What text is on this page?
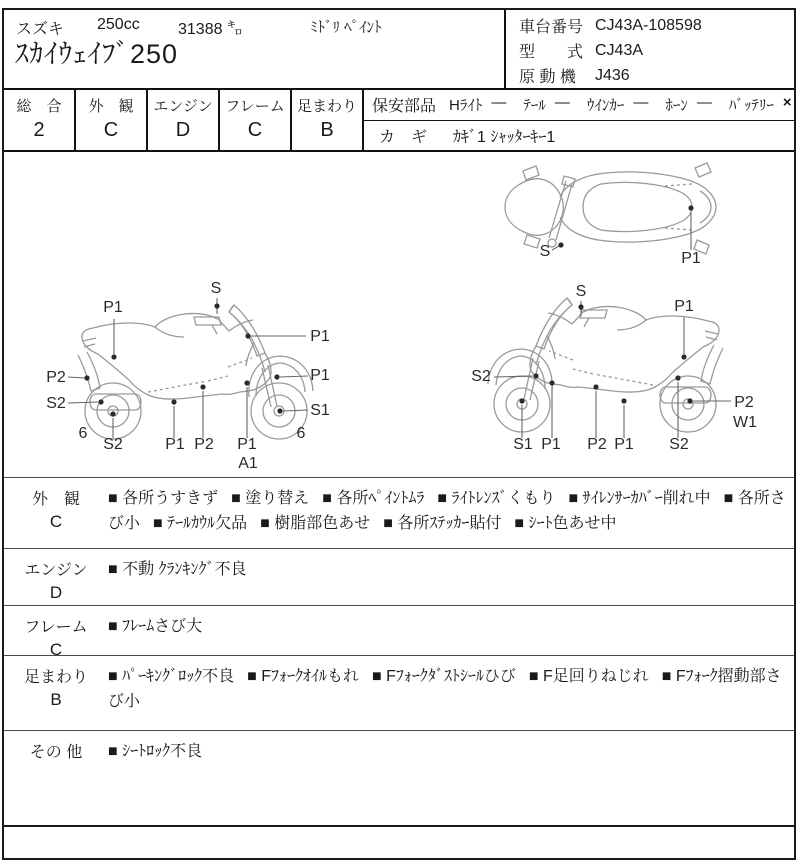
スズキ 250cc 31388 ㌔	ﾐﾄﾞﾘ ﾍﾟｲﾝﾄ
ｽｶｲｳｪｲﾌﾞ250
車台番号 CJ43A-108598
型　　式 CJ43A
原 動 機	J436
総　合
2
外　観
C
エンジン
D
フレーム
C
足まわり
B
保安部品 Hﾗｲﾄ — ﾃｰﾙ — ｳｲﾝｶｰ — ﾎｰﾝ — ﾊﾞｯﾃﾘｰ ×
カ　ギ ｶｷﾞ1 ｼｬｯﾀｰｷｰ1
S	P1
P1
S
P1
P2
S2
S2
6
P1 P2 P1
A1
P1
S1
6
S
P1
S2
S1 P1 P2 P1 S2
P2
W1
外　観
C
■ 各所うすきず ■ 塗り替え ■ 各所ﾍﾟｲﾝﾄﾑﾗ ■ ﾗｲﾄﾚﾝｽﾞくもり ■ ｻｲﾚﾝｻｰｶﾊﾞｰ削れ中 ■ 各所さび小 ■ ﾃｰﾙｶｳﾙ欠品 ■ 樹脂部色あせ ■ 各所ｽﾃｯｶｰ貼付 ■ ｼｰﾄ色あせ中
エンジン
D
■ 不動 ｸﾗﾝｷﾝｸﾞ不良
フレーム
C
■ ﾌﾚｰﾑさび大
足まわり
B
■ ﾊﾟｰｷﾝｸﾞﾛｯｸ不良 ■ Fﾌｫｰｸｵｲﾙもれ ■ Fﾌｫｰｸﾀﾞｽﾄｼｰﾙひび ■ F足回りねじれ ■ Fﾌｫｰｸ摺動部さび小
その 他	■ ｼｰﾄﾛｯｸ不良
